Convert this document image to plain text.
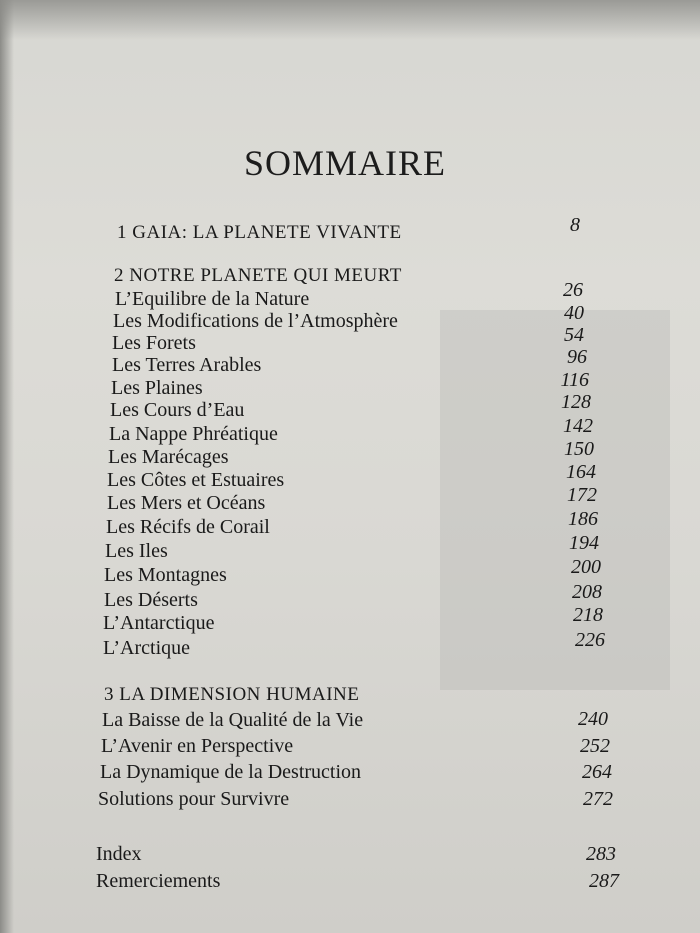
SOMMAIRE
1 GAIA: LA PLANETE VIVANTE	8
2 NOTRE PLANETE QUI MEURT
L’Equilibre de la Nature	26
Les Modifications de l’Atmosphère	40
Les Forets	54
Les Terres Arables	96
Les Plaines	116
Les Cours d’Eau	128
La Nappe Phréatique	142
Les Marécages	150
Les Côtes et Estuaires	164
Les Mers et Océans	172
Les Récifs de Corail	186
Les Iles	194
Les Montagnes	200
Les Déserts	208
L’Antarctique	218
L’Arctique	226
3 LA DIMENSION HUMAINE
La Baisse de la Qualité de la Vie	240
L’Avenir en Perspective	252
La Dynamique de la Destruction	264
Solutions pour Survivre	272
Index	283
Remerciements	287
